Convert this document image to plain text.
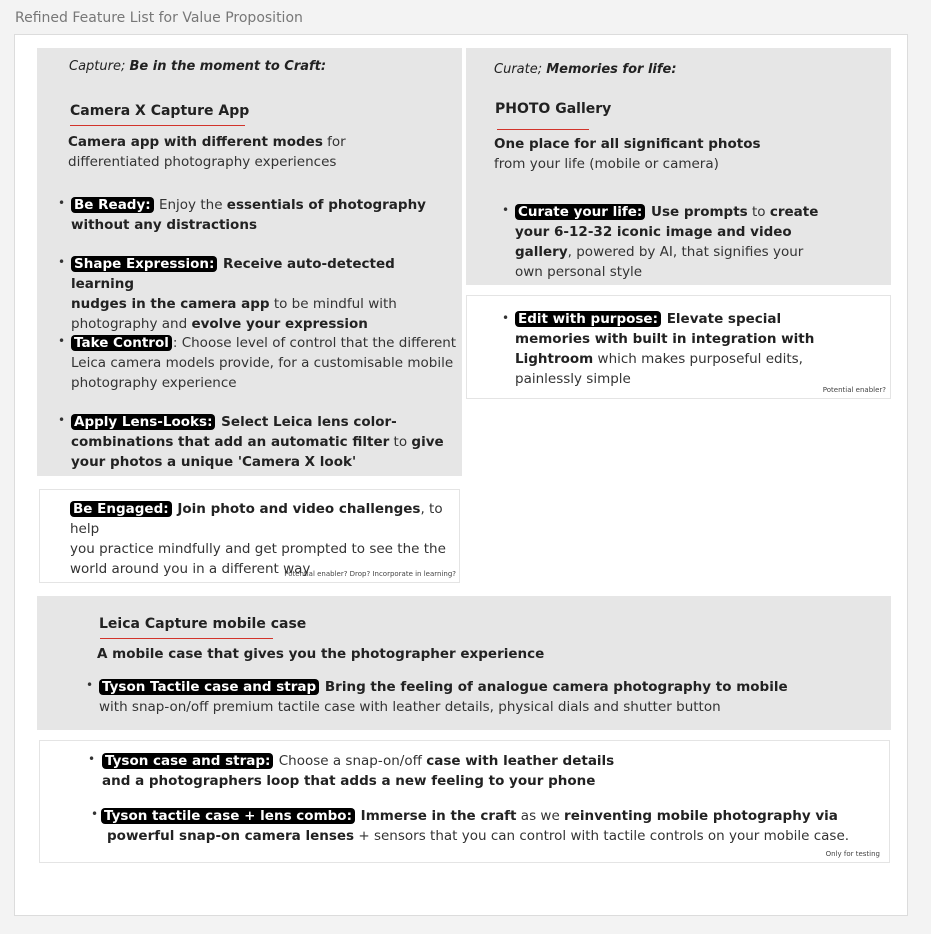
Refined Feature List for Value Proposition
Capture; Be in the moment to Craft:
Camera X Capture App
Camera app with different modes for
differentiated photography experiences
• Be Ready: Enjoy the essentials of photography
without any distractions
• Shape Expression: Receive auto-detected learning
nudges in the camera app to be mindful with
photography and evolve your expression
• Take Control : Choose level of control that the different
Leica camera models provide, for a customisable mobile
photography experience
• Apply Lens-Looks: Select Leica lens color-
combinations that add an automatic filter to give
your photos a unique 'Camera X look'
Be Engaged: Join photo and video challenges, to help
you practice mindfully and get prompted to see the the
world around you in a different way
Potential enabler? Drop? Incorporate in learning?
Curate; Memories for life:
PHOTO Gallery
One place for all significant photos
from your life (mobile or camera)
• Curate your life: Use prompts to create
your 6-12-32 iconic image and video
gallery, powered by AI, that signifies your
own personal style
• Edit with purpose: Elevate special
memories with built in integration with
Lightroom which makes purposeful edits,
painlessly simple
Potential enabler?
Leica Capture mobile case
A mobile case that gives you the photographer experience
• Tyson Tactile case and strap Bring the feeling of analogue camera photography to mobile
with snap-on/off premium tactile case with leather details, physical dials and shutter button
• Tyson case and strap: Choose a snap-on/off case with leather details
and a photographers loop that adds a new feeling to your phone
• Tyson tactile case + lens combo: Immerse in the craft as we reinventing mobile photography via
powerful snap-on camera lenses + sensors that you can control with tactile controls on your mobile case.
Only for testing
